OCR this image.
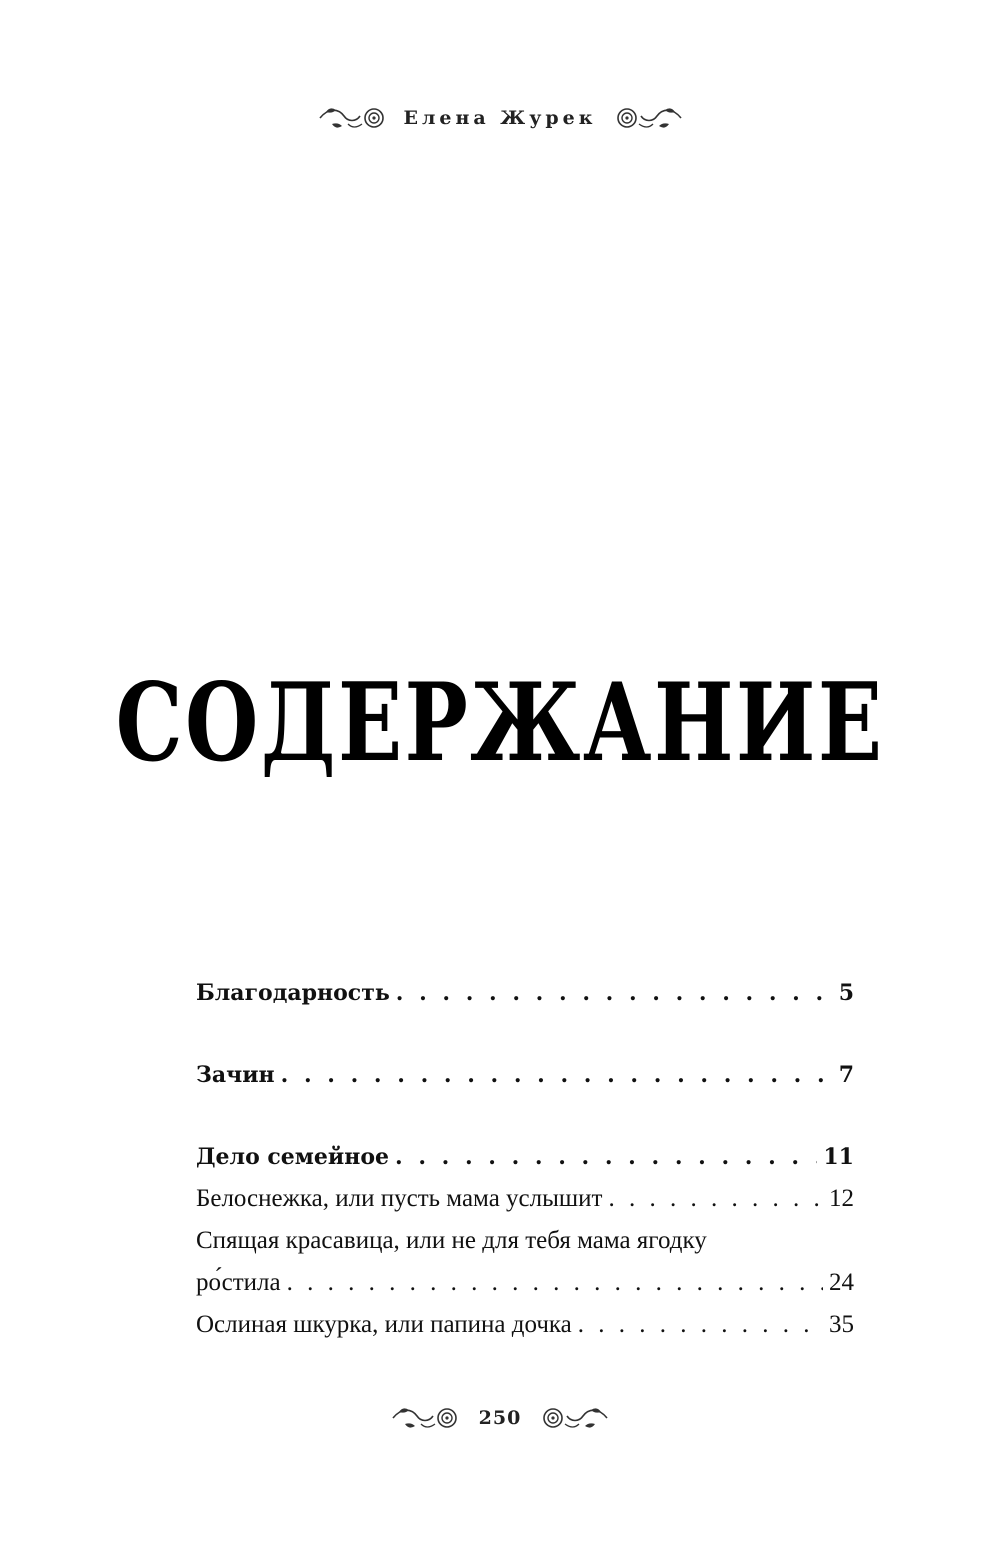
Елена Журек
СОДЕРЖАНИЕ
Благодарность . . .	5
Зачин . . .	7
Дело семейное . . .	11
Белоснежка, или пусть мама услышит . . .	12
Спящая красавица, или не для тебя мама ягодку
ро́стила . . .	24
Ослиная шкурка, или папина дочка . . .	35
250
